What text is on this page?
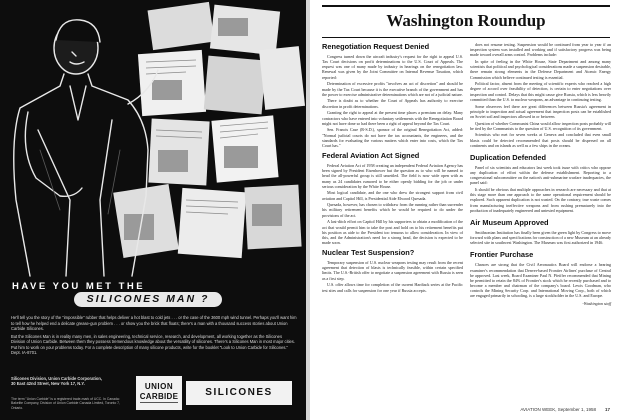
HAVE YOU MET THE
SILICONES MAN ?

He'll tell you the story of the "impossible" rubber that helps deliver a hot blast to cold jets . . . or the case of the 3600 mph wind tunnel. Perhaps you'll want him to tell how he helped end a delicate grease-gun problem . . . or show you the brick that floats; there's a man with a thousand success stories about Union Carbide Silicones.

But the Silicones Man is in reality many men, in sales engineering, technical service, research, and development, all working together as the Silicones Division of Union Carbide. Between them they possess tremendous knowledge about the versatility of silicones. There's a Silicones Man in most major cities. Put him to work on your problems today. For a complete description of many silicone products, write for the booklet "Look to Union Carbide for Silicones." Dept. IA-8701.

Silicones Division, Union Carbide Corporation,
30 East 42nd Street, New York 17, N.Y.
The term "Union Carbide" is a registered trade-mark of UCC. In Canada: Bakelite Company, Division of Union Carbide Canada Limited, Toronto 7, Ontario.
UNION
CARBIDE	SILICONES
Washington Roundup
Renegotiation Request Denied

Congress turned down the aircraft industry's request for the right to appeal U.S. Tax Court decisions on profit determinations to the U.S. Court of Appeals. The request was one of many made by industry in hearings on the renegotiation law. Renewal was given by the Joint Committee on Internal Revenue Taxation, which reported:

Determination of excessive profits "involves an act of discretion" and should be made by the Tax Court because it is the executive branch of the government and has the power to exercise administrative determinations which are not of a judicial nature.

There is doubt as to whether the Court of Appeals has authority to exercise discretion in profit determinations.

Granting the right to appeal at the present time places a premium on delay. Many contractors who have entered into voluntary settlements with the Renegotiation Board might not have done so had there been a right of appeal beyond the Tax Court.

Sen. Francis Case (R-S.D.), sponsor of the original Renegotiation Act, added: "Normal judicial courts do not have the tax accountants, the engineers, and the standards for evaluating the various matters which enter into costs, which the Tax Court has."

Federal Aviation Act Signed

Federal Aviation Act of 1958 creating an independent Federal Aviation Agency has been signed by President Eisenhower but the question as to who will be named to head the all-powerful group is still unsettled. The field is now wide open with as many as 24 candidates rumored to be either openly bidding for the job or under serious consideration by the White House.

Most logical candidate, and the one who drew the strongest support from civil aviation and Capitol Hill, is Presidential Aide Elwood Quesada.

Quesada, however, has chosen to withdraw from the running rather than surrender his military retirement benefits which he would be required to do under the provisions of the act.

A last-ditch effort on Capitol Hill by his supporters to obtain a modification of the act that would permit him to take the post and hold on to his retirement benefits put his position as aide to the President too tenuous to allow consideration. In view of this, and the Administration's need for a strong head, the decision is expected to be made soon.

Nuclear Test Suspension?

Temporary suspension of U.S. nuclear weapons testing may result from the recent agreement that detection of blasts is technically feasible, within certain specified limits. The U.S.-British offer to negotiate a suspension agreement with Russia is seen as a first step.

U.S. offer allows time for completion of the current Hardtack series at the Pacific test sites and calls for suspension for one year if Russia accepts.

does not resume testing. Suspension would be continued from year to year if an inspection system was installed and working and if satisfactory progress was being made toward overall arms control. Problems include:

In spite of feeling in the White House, State Department and among many scientists that political and psychological considerations made a suspension desirable, there remain strong elements in the Defense Department and Atomic Energy Commission which believe continued testing is essential.

Political factor, absent from the meeting of scientific experts who reached a high degree of accord over feasibility of detection, is certain to enter negotiations over inspection and control. Delays that this might cause give Russia, which is less heavily committed than the U.S. to nuclear weapons, an advantage in continuing testing.

Some observers feel there are great differences between Russia's agreement in principle to inspection and actual agreement that inspection posts can be established on Soviet soil and inspectors allowed in or between.

Question of whether Communist China would allow inspection posts probably will be tied by the Communists to the question of U.S. recognition of its government.

Scientists who met for seven weeks at Geneva and concluded that even small blasts could be detected recommended that posts should be dispersed on all continents and on islands as well as a few ships in the oceans.

Duplication Defended

Panel of six scientists and educators last week took issue with critics who oppose any duplication of effort within the defense establishment. Reporting to a congressional subcommittee on the nation's anti-submarine warfare inadequacies, the panel said:

It should be obvious that multiple approaches in research are necessary and that at this stage more than one approach to the same operational requirement should be explored. Such apparent duplication is not wasted. On the contrary, true waste comes from manufacturing ineffective weapons and from rushing prematurely into the production of inadequately engineered and untested equipment.

Air Museum Approved

Smithsonian Institution has finally been given the green light by Congress to move forward with plans and specifications for construction of a new Museum at an already selected site in southwest Washington. The Museum was first authorized in 1946.

Frontier Purchase

Chances are strong that the Civil Aeronautics Board will endorse a hearing examiner's recommendation that Denver-based Frontier Airlines' purchase of Central be approved. Last week, Board Examiner Paul N. Pfeiffer recommended that Mining be permitted to retain the 84% of Frontier's stock which he recently purchased and to become a member and chairman of the company's board. Lewis Goodman, who controls the Mining Security Corp. and International Moving Corp., both of which are engaged primarily in schooling, is a large stockholder in the U.S. and Europe.

-Washington staff

AVIATION WEEK, September 1, 1958 17
